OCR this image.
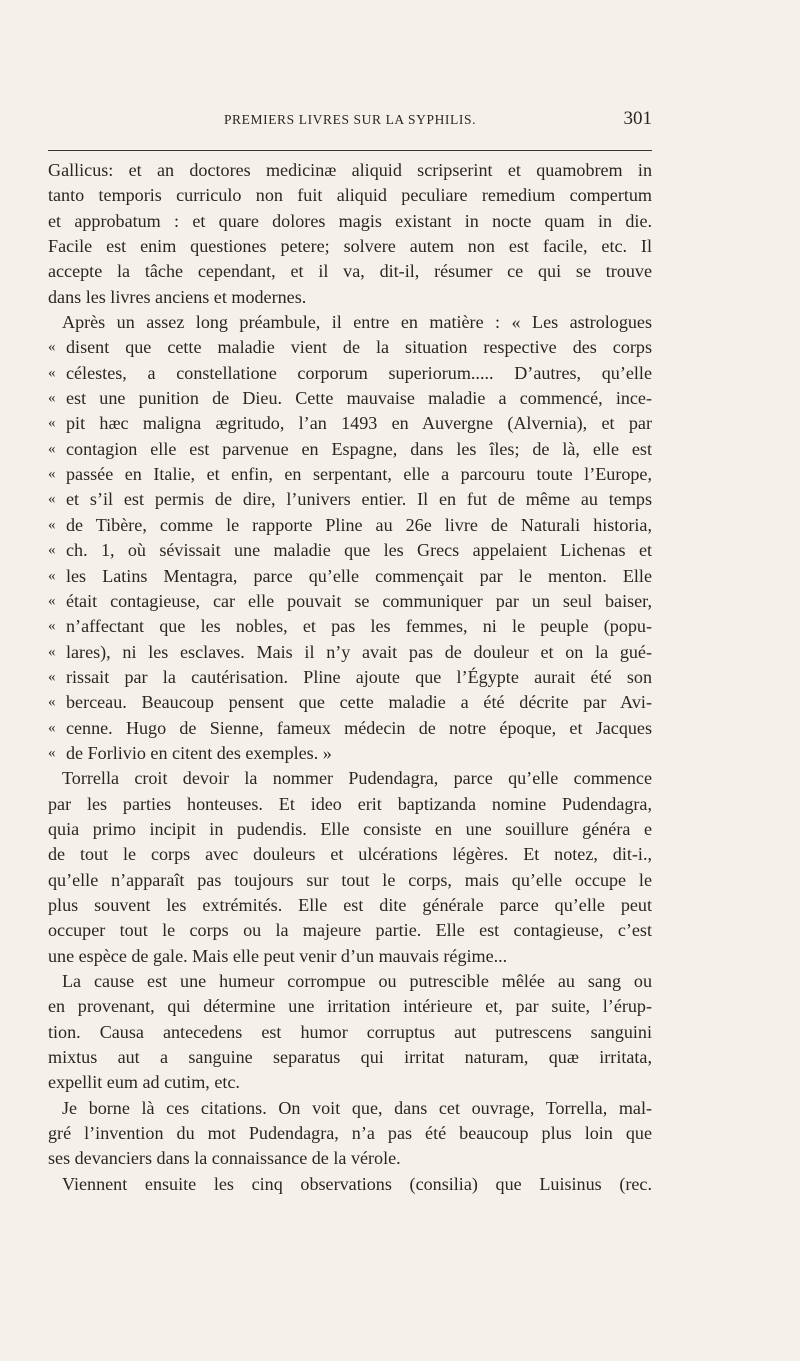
PREMIERS LIVRES SUR LA SYPHILIS.	301
Gallicus: et an doctores medicinæ aliquid scripserint et quamobrem in
tanto temporis curriculo non fuit aliquid peculiare remedium compertum
et approbatum : et quare dolores magis existant in nocte quam in die.
Facile est enim questiones petere; solvere autem non est facile, etc. Il
accepte la tâche cependant, et il va, dit-il, résumer ce qui se trouve
dans les livres anciens et modernes.
Après un assez long préambule, il entre en matière : « Les astrologues
« disent que cette maladie vient de la situation respective des corps
« célestes, a constellatione corporum superiorum..... D’autres, qu’elle
« est une punition de Dieu. Cette mauvaise maladie a commencé, ince-
« pit hæc maligna ægritudo, l’an 1493 en Auvergne (Alvernia), et par
« contagion elle est parvenue en Espagne, dans les îles; de là, elle est
« passée en Italie, et enfin, en serpentant, elle a parcouru toute l’Europe,
« et s’il est permis de dire, l’univers entier. Il en fut de même au temps
« de Tibère, comme le rapporte Pline au 26e livre de Naturali historia,
« ch. 1, où sévissait une maladie que les Grecs appelaient Lichenas et
« les Latins Mentagra, parce qu’elle commençait par le menton. Elle
« était contagieuse, car elle pouvait se communiquer par un seul baiser,
« n’affectant que les nobles, et pas les femmes, ni le peuple (popu-
« lares), ni les esclaves. Mais il n’y avait pas de douleur et on la gué-
« rissait par la cautérisation. Pline ajoute que l’Égypte aurait été son
« berceau. Beaucoup pensent que cette maladie a été décrite par Avi-
« cenne. Hugo de Sienne, fameux médecin de notre époque, et Jacques
« de Forlivio en citent des exemples. »
Torrella croit devoir la nommer Pudendagra, parce qu’elle commence
par les parties honteuses. Et ideo erit baptizanda nomine Pudendagra,
quia primo incipit in pudendis. Elle consiste en une souillure généra e
de tout le corps avec douleurs et ulcérations légères. Et notez, dit-i.,
qu’elle n’apparaît pas toujours sur tout le corps, mais qu’elle occupe le
plus souvent les extrémités. Elle est dite générale parce qu’elle peut
occuper tout le corps ou la majeure partie. Elle est contagieuse, c’est
une espèce de gale. Mais elle peut venir d’un mauvais régime...
La cause est une humeur corrompue ou putrescible mêlée au sang ou
en provenant, qui détermine une irritation intérieure et, par suite, l’érup-
tion. Causa antecedens est humor corruptus aut putrescens sanguini
mixtus aut a sanguine separatus qui irritat naturam, quæ irritata,
expellit eum ad cutim, etc.
Je borne là ces citations. On voit que, dans cet ouvrage, Torrella, mal-
gré l’invention du mot Pudendagra, n’a pas été beaucoup plus loin que
ses devanciers dans la connaissance de la vérole.
Viennent ensuite les cinq observations (consilia) que Luisinus (rec.
